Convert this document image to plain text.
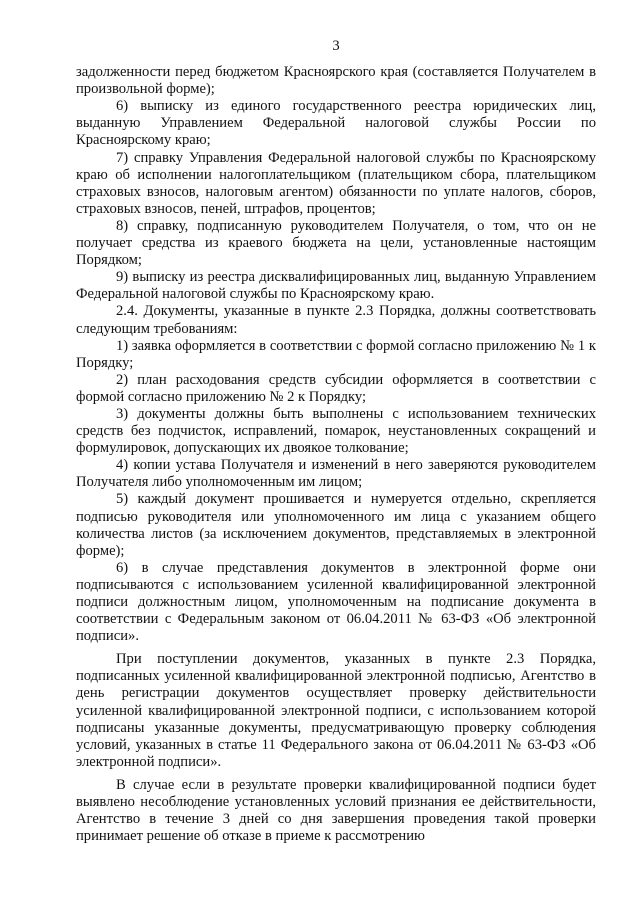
3

задолженности перед бюджетом Красноярского края (составляется Получателем в произвольной форме);

6) выписку из единого государственного реестра юридических лиц, выданную Управлением Федеральной налоговой службы России по Красноярскому краю;

7) справку Управления Федеральной налоговой службы по Красноярскому краю об исполнении налогоплательщиком (плательщиком сбора, плательщиком страховых взносов, налоговым агентом) обязанности по уплате налогов, сборов, страховых взносов, пеней, штрафов, процентов;

8) справку, подписанную руководителем Получателя, о том, что он не получает средства из краевого бюджета на цели, установленные настоящим Порядком;

9) выписку из реестра дисквалифицированных лиц, выданную Управлением Федеральной налоговой службы по Красноярскому краю.

2.4. Документы, указанные в пункте 2.3 Порядка, должны соответствовать следующим требованиям:

1) заявка оформляется в соответствии с формой согласно приложению № 1 к Порядку;

2) план расходования средств субсидии оформляется в соответствии с формой согласно приложению № 2 к Порядку;

3) документы должны быть выполнены с использованием технических средств без подчисток, исправлений, помарок, неустановленных сокращений и формулировок, допускающих их двоякое толкование;

4) копии устава Получателя и изменений в него заверяются руководителем Получателя либо уполномоченным им лицом;

5) каждый документ прошивается и нумеруется отдельно, скрепляется подписью руководителя или уполномоченного им лица с указанием общего количества листов (за исключением документов, представляемых в электронной форме);

6) в случае представления документов в электронной форме они подписываются с использованием усиленной квалифицированной электронной подписи должностным лицом, уполномоченным на подписание документа в соответствии с Федеральным законом от 06.04.2011 № 63-ФЗ «Об электронной подписи».

При поступлении документов, указанных в пункте 2.3 Порядка, подписанных усиленной квалифицированной электронной подписью, Агентство в день регистрации документов осуществляет проверку действительности усиленной квалифицированной электронной подписи, с использованием которой подписаны указанные документы, предусматривающую проверку соблюдения условий, указанных в статье 11 Федерального закона от 06.04.2011 № 63-ФЗ «Об электронной подписи».

В случае если в результате проверки квалифицированной подписи будет выявлено несоблюдение установленных условий признания ее действительности, Агентство в течение 3 дней со дня завершения проведения такой проверки принимает решение об отказе в приеме к рассмотрению
